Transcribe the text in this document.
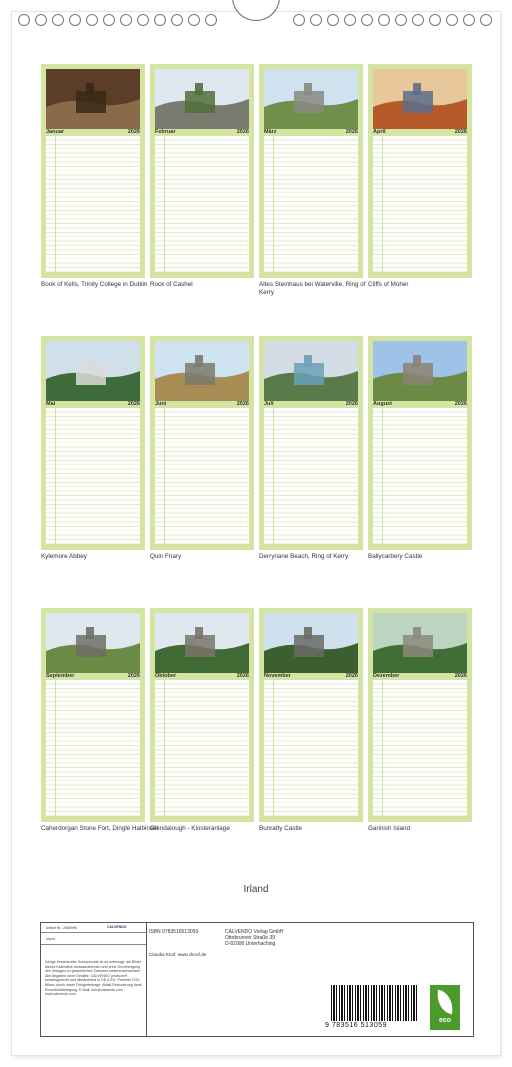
Januar	2026
Book of Kells, Trinity College in Dublin
Februar	2026
Rock of Cashel
März	2026
Altes Steinhaus bei Waterville, Ring of Kerry
April	2026
Cliffs of Moher
Mai	2026
Kylemore Abbey
Juni	2026
Quin Friary
Juli	2026
Derrynane Beach, Ring of Kerry
August	2026
Ballycarbery Castle
September	2026
Caherdorgan Stone Fort, Dingle Halbinsel
Oktober	2026
Glendalough - Klosteranlage
November	2026
Bunratty Castle
Dezember	2026
Garinish Island
Irland
Artikel Nr.: 2086996	CALVENDO
Irland
Infolge bestehender Schutzrechte ist es untersagt, die Bilder dieses Kalenders herauszutrennen und ohne Genehmigung des Verlages zu gewerblichen Zwecken weiterzuverwenden. Alle Angaben ohne Gewähr. CALVENDO produziert bedarfsgerecht und klimaneutral in DE & EU. Preisfrei CO2-Bilanz durch unser Trüngerbetrage. Abfall-Reduzierung dank Einzelstückfertigung. E-Mail: info@calvendo.com · www.calvendo.com
ISBN 9783516513059
Claudia Knof, www.cknof.de
CALVENDO Verlag GmbH
Ottobrunner Straße 39
D-82008 Unterhaching
9 783516 513059
eco
